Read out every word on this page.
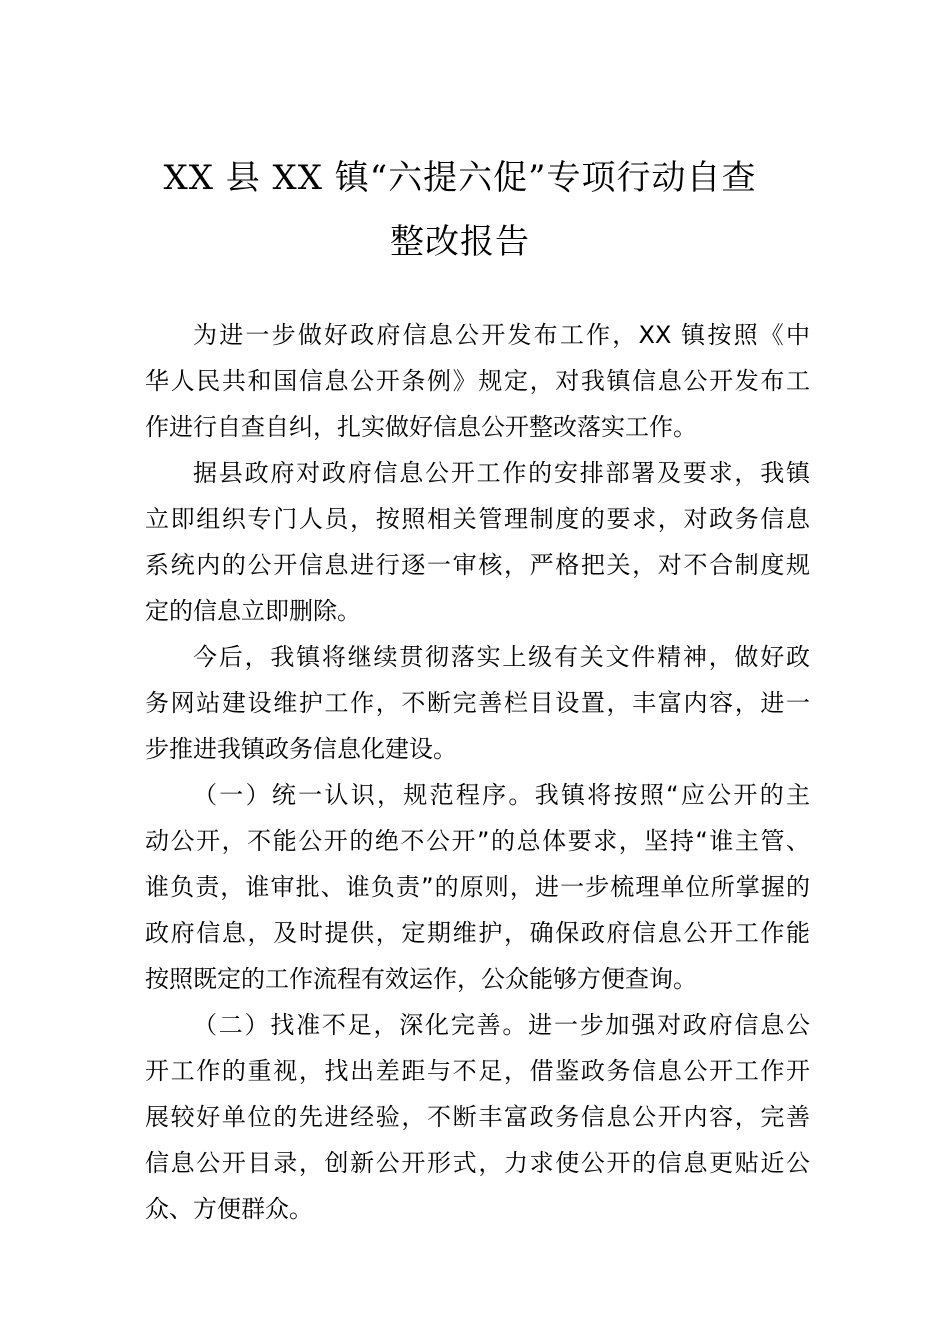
XX 县 XX 镇“六提六促”专项行动自查
整改报告
为进一步做好政府信息公开发布工作，XX 镇按照《中
华人民共和国信息公开条例》规定，对我镇信息公开发布工
作进行自查自纠，扎实做好信息公开整改落实工作。
据县政府对政府信息公开工作的安排部署及要求，我镇
立即组织专门人员，按照相关管理制度的要求，对政务信息
系统内的公开信息进行逐一审核，严格把关，对不合制度规
定的信息立即删除。
今后，我镇将继续贯彻落实上级有关文件精神，做好政
务网站建设维护工作，不断完善栏目设置，丰富内容，进一
步推进我镇政务信息化建设。
（一）统一认识，规范程序。我镇将按照“应公开的主
动公开，不能公开的绝不公开”的总体要求，坚持“谁主管、
谁负责，谁审批、谁负责”的原则，进一步梳理单位所掌握的
政府信息，及时提供，定期维护，确保政府信息公开工作能
按照既定的工作流程有效运作，公众能够方便查询。
（二）找准不足，深化完善。进一步加强对政府信息公
开工作的重视，找出差距与不足，借鉴政务信息公开工作开
展较好单位的先进经验，不断丰富政务信息公开内容，完善
信息公开目录，创新公开形式，力求使公开的信息更贴近公
众、方便群众。
